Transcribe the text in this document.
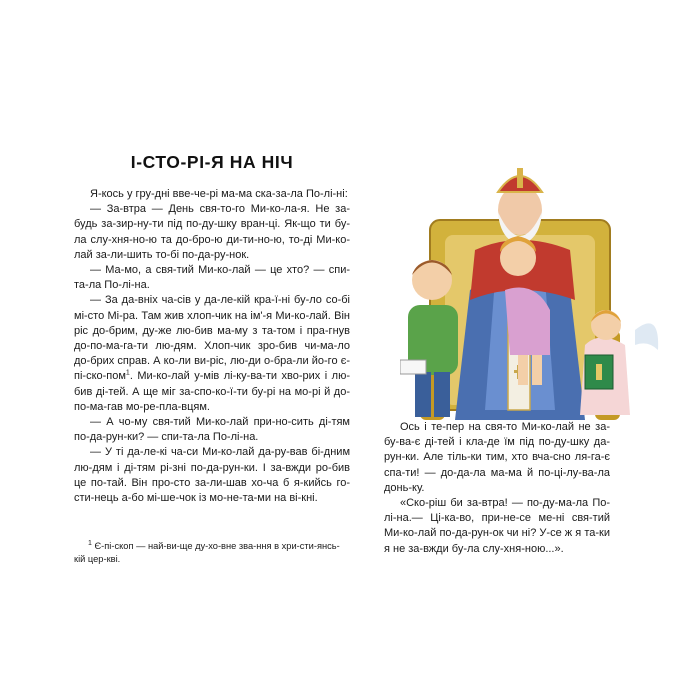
І-СТО-РІ-Я НА НІЧ

Я-кось у гру-дні вве-че-рі ма-ма ска-за-ла По-лі-ні:

— За-втра — День свя-то-го Ми-ко-ла-я. Не за-будь за-зир-ну-ти під по-ду-шку вран-ці. Як-що ти бу-ла слу-хня-но-ю та до-бро-ю ди-ти-но-ю, то-ді Ми-ко-лай за-ли-шить то-бі по-да-ру-нок.

— Ма-мо, а свя-тий Ми-ко-лай — це хто? — спи-та-ла По-лі-на.

— За да-вніх ча-сів у да-ле-кій кра-ї-ні бу-ло со-бі мі-сто Мі-ра. Там жив хлоп-чик на ім'-я Ми-ко-лай. Він ріс до-брим, ду-же лю-бив ма-му з та-том і пра-гнув до-по-ма-га-ти лю-дям. Хлоп-чик зро-бив чи-ма-ло до-брих справ. А ко-ли ви-ріс, лю-ди о-бра-ли йо-го є-пі-ско-пом$^1$. Ми-ко-лай у-мів лі-ку-ва-ти хво-рих і лю-бив ді-тей. А ще міг за-спо-ко-ї-ти бу-рі на мо-рі й до-по-ма-гав мо-ре-пла-вцям.

— А чо-му свя-тий Ми-ко-лай при-но-сить ді-тям по-да-рун-ки? — спи-та-ла По-лі-на.

— У ті да-ле-кі ча-си Ми-ко-лай да-ру-вав бі-дним лю-дям і ді-тям рі-зні по-да-рун-ки. І за-вжди ро-бив це по-тай. Він про-сто за-ли-шав хо-ча б я-кийсь го-сти-нець а-бо мі-ше-чок із мо-не-та-ми на ві-кні.

$^1$ Є-пі-скоп — най-ви-ще ду-хо-вне зва-ння в хри-сти-янсь-кій цер-кві.

Ось і те-пер на свя-то Ми-ко-лай не за-бу-ва-є ді-тей і кла-де їм під по-ду-шку да-рун-ки. Але тіль-ки тим, хто вча-сно ля-га-є спа-ти! — до-да-ла ма-ма й по-ці-лу-ва-ла донь-ку.

«Ско-ріш би за-втра! — по-ду-ма-ла По-лі-на.— Ці-ка-во, при-не-се ме-ні свя-тий Ми-ко-лай по-да-рун-ок чи ні? У-се ж я та-ки я не за-вжди бу-ла слу-хня-ною...».
